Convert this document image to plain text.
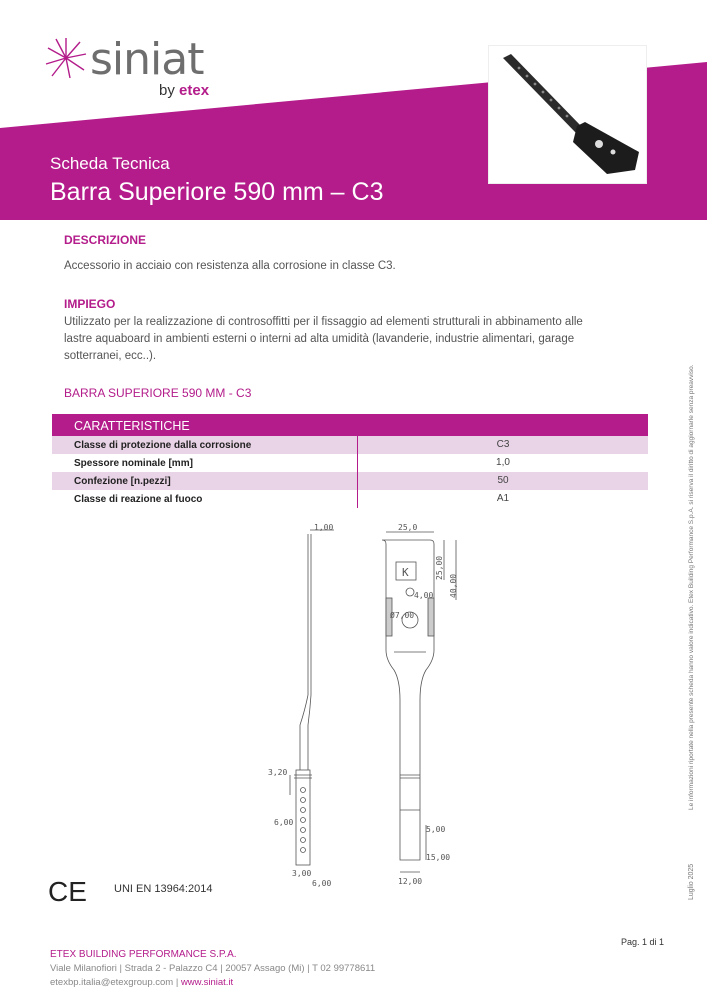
siniat
by etex
Scheda Tecnica
Barra Superiore 590 mm – C3
DESCRIZIONE
Accessorio in acciaio con resistenza alla corrosione in classe C3.
IMPIEGO
Utilizzato per la realizzazione di controsoffitti per il fissaggio ad elementi strutturali in abbinamento alle
lastre aquaboard in ambienti esterni o interni ad alta umidità (lavanderie, industrie alimentari, garage
sotterranei, ecc..).
BARRA SUPERIORE 590 MM - C3
CARATTERISTICHE
Classe di protezione dalla corrosione	C3
Spessore nominale [mm]	1,0
Confezione [n.pezzi]	50
Classe di reazione al fuoco	A1
1,00	25,0
K
Ø7,00
4,00
3,20
6,00
5,00
15,00
3,00
6,00	12,00
25,00
40,00
CE UNI EN 13964:2014
Pag. 1 di 1
ETEX BUILDING PERFORMANCE S.P.A.
Viale Milanofiori | Strada 2 - Palazzo C4 | 20057 Assago (Mi) | T 02 99778611
etexbp.italia@etexgroup.com | www.siniat.it
Le informazioni riportate nella presente scheda hanno valore indicativo. Etex Building Performance S.p.A. si riserva il diritto di aggiornarle senza preavviso.
Luglio 2025
